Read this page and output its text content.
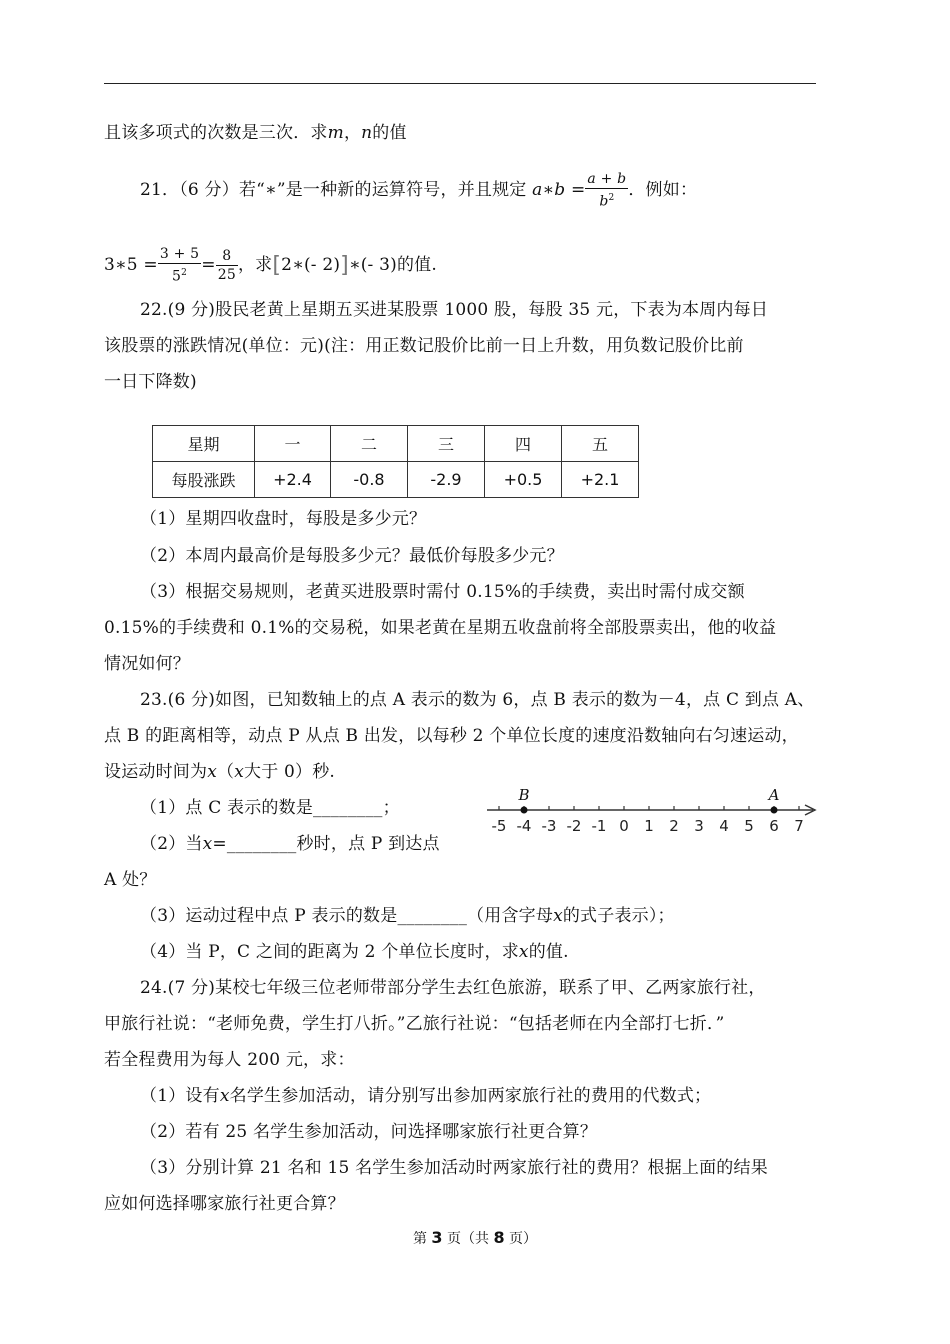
且该多项式的次数是三次．求m，n的值
21．（6 分）若“∗”是一种新的运算符号，并且规定 a∗b = $\frac{a + b}{b^2}$ ．例如：
3∗5 = $\frac{3 + 5}{5^2} = \frac{8}{25}$ ，求[2∗(- 2)]∗(- 3)的值.
22.(9 分)股民老黄上星期五买进某股票 1000 股，每股 35 元，下表为本周内每日
该股票的涨跌情况(单位：元)(注：用正数记股价比前一日上升数，用负数记股价比前
一日下降数)
星期	一	二	三	四	五
每股涨跌	+2.4	-0.8	-2.9	+0.5	+2.1
（1）星期四收盘时，每股是多少元？
（2）本周内最高价是每股多少元？最低价每股多少元？
（3）根据交易规则，老黄买进股票时需付 0.15%的手续费，卖出时需付成交额
0.15%的手续费和 0.1%的交易税，如果老黄在星期五收盘前将全部股票卖出，他的收益
情况如何？
23.(6 分)如图，已知数轴上的点 A 表示的数为 6，点 B 表示的数为－4，点 C 到点 A、
点 B 的距离相等，动点 P 从点 B 出发，以每秒 2 个单位长度的速度沿数轴向右匀速运动，
设运动时间为x（x大于 0）秒.
（1）点 C 表示的数是________；
（2）当x=________秒时，点 P 到达点
A 处？
（3）运动过程中点 P 表示的数是________（用含字母x的式子表示）；
（4）当 P，C 之间的距离为 2 个单位长度时，求x的值.
-5 -4 -3 -2 -1 0 1 2 3 4 5 6 7
B	A
24.(7 分)某校七年级三位老师带部分学生去红色旅游，联系了甲、乙两家旅行社，
甲旅行社说：“老师免费，学生打八折。”乙旅行社说：“包括老师在内全部打七折．”
若全程费用为每人 200 元，求：
（1）设有x名学生参加活动，请分别写出参加两家旅行社的费用的代数式；
（2）若有 25 名学生参加活动，问选择哪家旅行社更合算？
（3）分别计算 21 名和 15 名学生参加活动时两家旅行社的费用？根据上面的结果
应如何选择哪家旅行社更合算？
第 3 页（共 8 页）
